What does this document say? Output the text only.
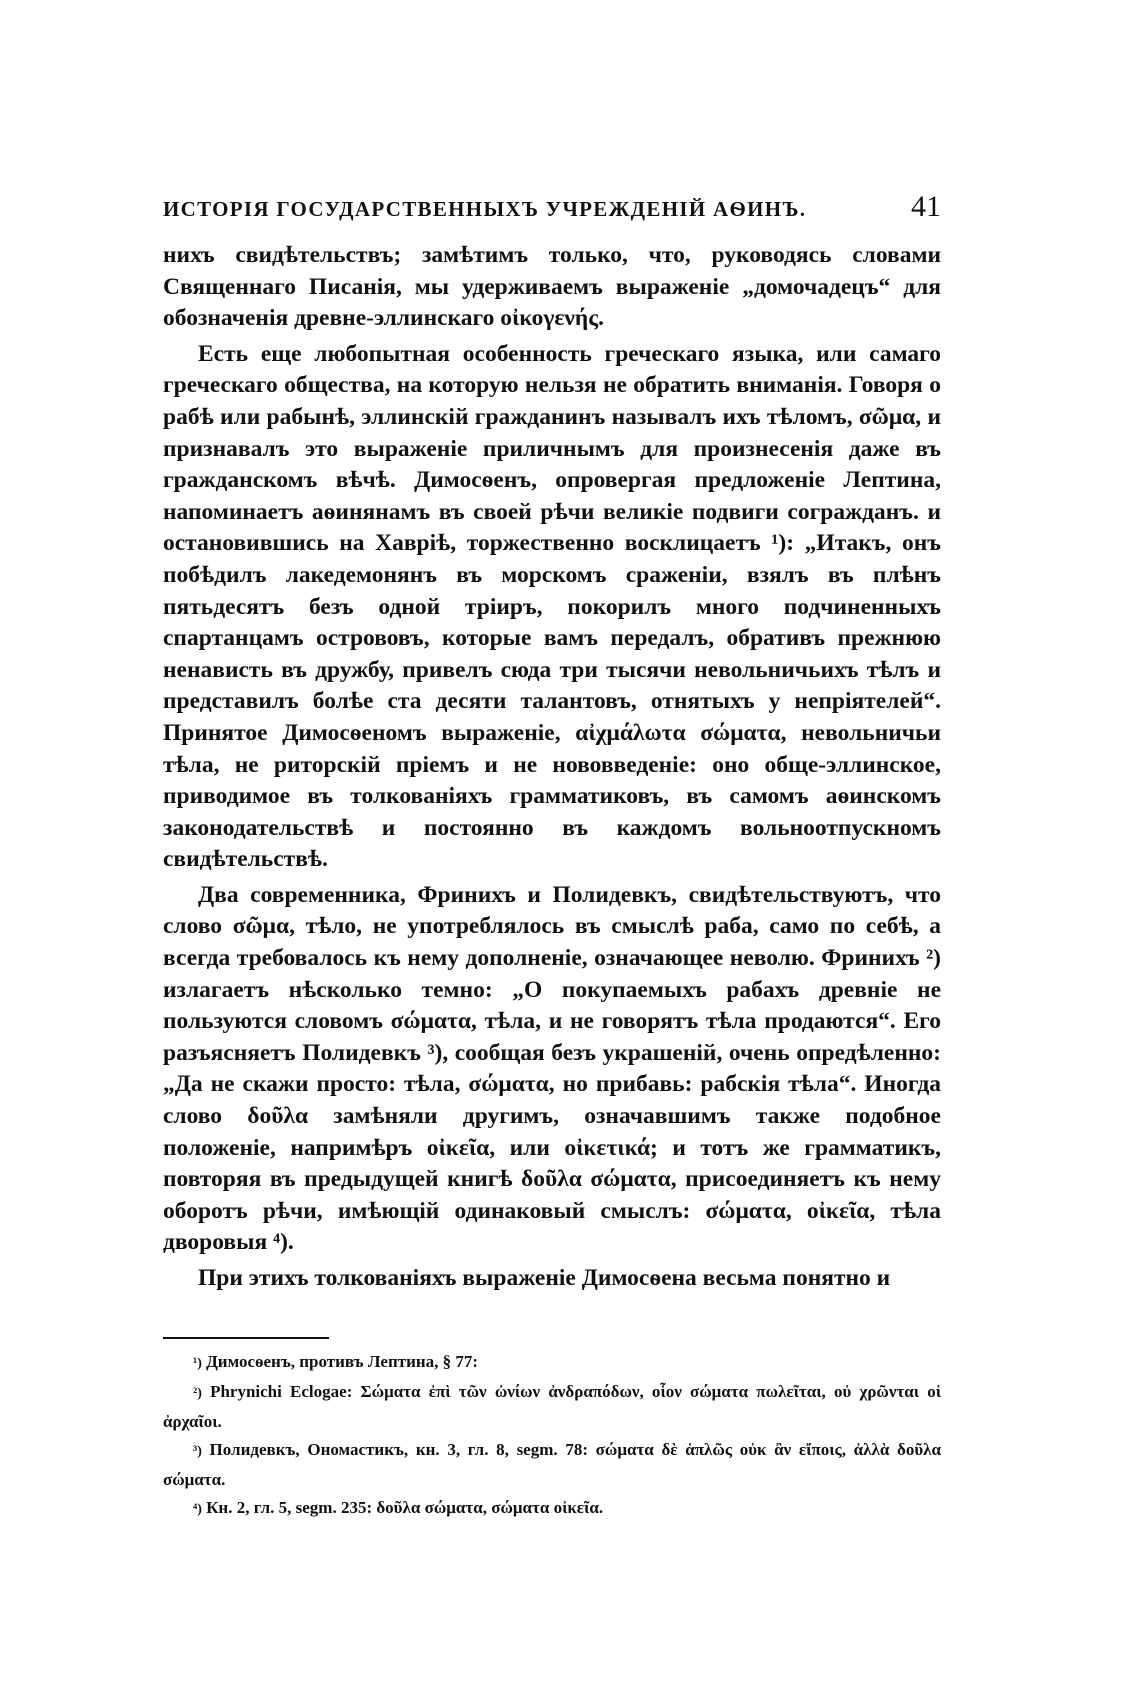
ИСТОРІЯ ГОСУДАРСТВЕННЫХЪ УЧРЕЖДЕНІЙ АѲИНЪ.	41

нихъ свидѣтельствъ; замѣтимъ только, что, руководясь словами Священнаго Писанія, мы удерживаемъ выраженіе „домочадецъ“ для обозначенія древне-эллинскаго οἰκογενής.

Есть еще любопытная особенность греческаго языка, или самаго греческаго общества, на которую нельзя не обратить вниманія. Говоря о рабѣ или рабынѣ, эллинскій гражданинъ называлъ ихъ тѣломъ, σῶμα, и признавалъ это выраженіе приличнымъ для произнесенія даже въ гражданскомъ вѣчѣ. Димосѳенъ, опровергая предложеніе Лептина, напоминаетъ аѳинянамъ въ своей рѣчи великіе подвиги согражданъ. и остановившись на Хаврiѣ, торжественно восклицаетъ ¹): „Итакъ, онъ побѣдилъ лакедемонянъ въ морскомъ сраженіи, взялъ въ плѣнъ пятьдесятъ безъ одной тріиръ, покорилъ много подчиненныхъ спартанцамъ острововъ, которые вамъ передалъ, обративъ прежнюю ненависть въ дружбу, привелъ сюда три тысячи невольничьихъ тѣлъ и представилъ болѣе ста десяти талантовъ, отнятыхъ у непріятелей“. Принятое Димосѳеномъ выраженіе, αἰχμάλωτα σώματα, невольничьи тѣла, не риторскій пріемъ и не нововведеніе: оно обще-эллинское, приводимое въ толкованіяхъ грамматиковъ, въ самомъ аѳинскомъ законодательствѣ и постоянно въ каждомъ вольноотпускномъ свидѣтельствѣ.

Два современника, Фринихъ и Полидевкъ, свидѣтельствуютъ, что слово σῶμα, тѣло, не употреблялось въ смыслѣ раба, само по себѣ, а всегда требовалось къ нему дополненіе, означающее неволю. Фринихъ ²) излагаетъ нѣсколько темно: „О покупаемыхъ рабахъ древніе не пользуются словомъ σώματα, тѣла, и не говорятъ тѣла продаются“. Его разъясняетъ Полидевкъ ³), сообщая безъ украшеній, очень опредѣленно: „Да не скажи просто: тѣла, σώματα, но прибавь: рабскія тѣла“. Иногда слово δοῦλα замѣняли другимъ, означавшимъ также подобное положеніе, напримѣръ οἰκεῖα, или οἰκετικά; и тотъ же грамматикъ, повторяя въ предыдущей книгѣ δοῦλα σώματα, присоединяетъ къ нему оборотъ рѣчи, имѣющій одинаковый смыслъ: σώματα, οἰκεῖα, тѣла дворовыя ⁴).

При этихъ толкованіяхъ выраженіе Димосѳена весьма понятно и

¹) Димосѳенъ, противъ Лептина, § 77:

²) Phrynichi Eclogae: Σώματα ἐπὶ τῶν ὠνίων ἀνδραπόδων, οἷον σώματα πωλεῖται, οὐ χρῶνται οἱ ἀρχαῖοι.

³) Полидевкъ, Ономастикъ, кн. 3, гл. 8, segm. 78: σώματα δὲ ἁπλῶς οὐκ ἂν εἴποις, ἀλλὰ δοῦλα σώματα.

⁴) Кн. 2, гл. 5, segm. 235: δοῦλα σώματα, σώματα οἰκεῖα.
